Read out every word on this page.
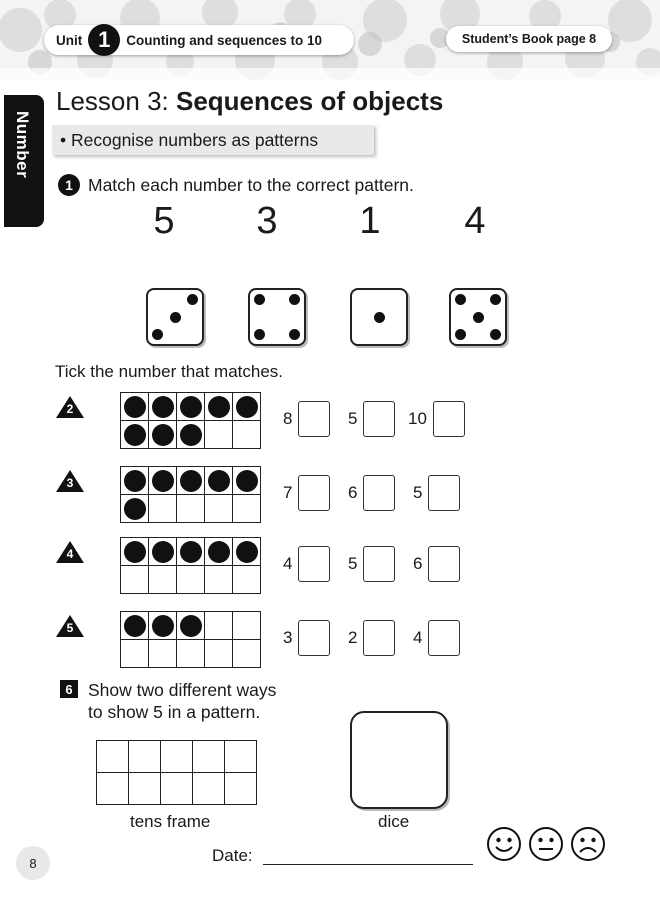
Unit 1	Counting and sequences to 10	Student’s Book page 8
Number
Lesson 3: Sequences of objects
• Recognise numbers as patterns
1 Match each number to the correct pattern.
5 3 1 4
Tick the number that matches.
2

					8	5	10
3

					7	6	5
4

					4	5	6
5

					3	2	4
6 Show two different ways
to show 5 in a pattern.

tens frame	dice
8	Date:
